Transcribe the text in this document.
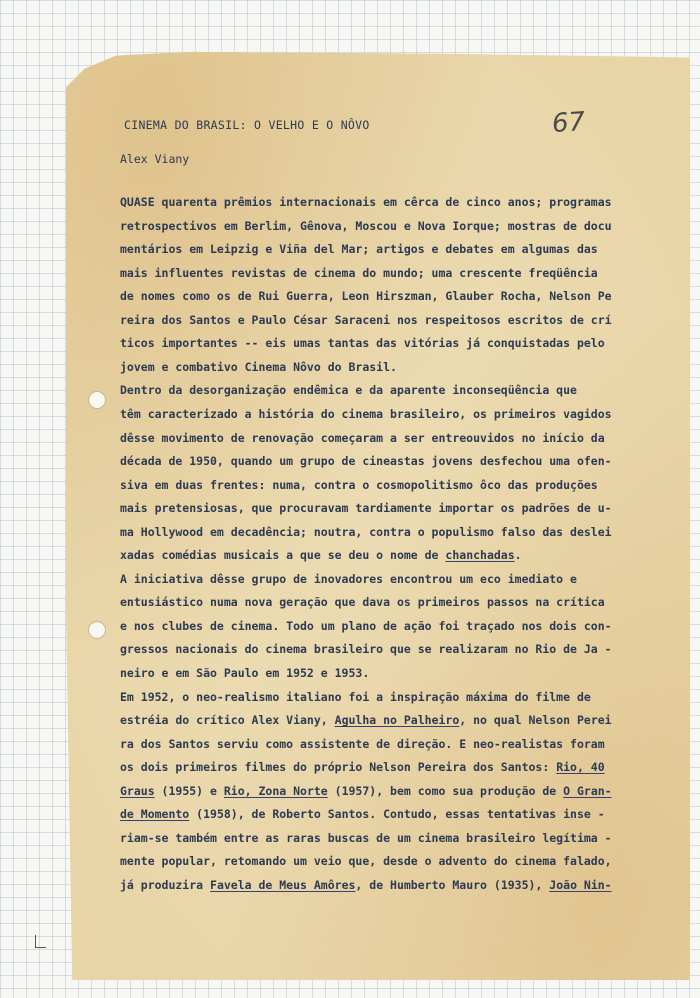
67
CINEMA DO BRASIL: O VELHO E O NÔVO
Alex Viany
QUASE quarenta prêmios internacionais em cêrca de cinco anos; programas
retrospectivos em Berlim, Gênova, Moscou e Nova Iorque; mostras de docu
mentários em Leipzig e Viña del Mar; artigos e debates em algumas das
mais influentes revistas de cinema do mundo; uma crescente freqüência
de nomes como os de Rui Guerra, Leon Hirszman, Glauber Rocha, Nelson Pe
reira dos Santos e Paulo César Saraceni nos respeitosos escritos de crí
ticos importantes -- eis umas tantas das vitórias já conquistadas pelo
jovem e combativo Cinema Nôvo do Brasil.
Dentro da desorganização endêmica e da aparente inconseqüência que
têm caracterizado a história do cinema brasileiro, os primeiros vagidos
dêsse movimento de renovação começaram a ser entreouvidos no início da
década de 1950, quando um grupo de cineastas jovens desfechou uma ofen-
siva em duas frentes: numa, contra o cosmopolitismo ôco das produções
mais pretensiosas, que procuravam tardiamente importar os padrões de u-
ma Hollywood em decadência; noutra, contra o populismo falso das deslei
xadas comédias musicais a que se deu o nome de chanchadas.
A iniciativa dêsse grupo de inovadores encontrou um eco imediato e
entusiástico numa nova geração que dava os primeiros passos na crítica
e nos clubes de cinema. Todo um plano de ação foi traçado nos dois con-
gressos nacionais do cinema brasileiro que se realizaram no Rio de Ja -
neiro e em São Paulo em 1952 e 1953.
Em 1952, o neo-realismo italiano foi a inspiração máxima do filme de
estréia do crítico Alex Viany, Agulha no Palheiro, no qual Nelson Perei
ra dos Santos serviu como assistente de direção. E neo-realistas foram
os dois primeiros filmes do próprio Nelson Pereira dos Santos: Rio, 40
Graus (1955) e Rio, Zona Norte (1957), bem como sua produção de O Gran-
de Momento (1958), de Roberto Santos. Contudo, essas tentativas inse -
riam-se também entre as raras buscas de um cinema brasileiro legítima -
mente popular, retomando um veio que, desde o advento do cinema falado,
já produzira Favela de Meus Amôres, de Humberto Mauro (1935), João Nin-
